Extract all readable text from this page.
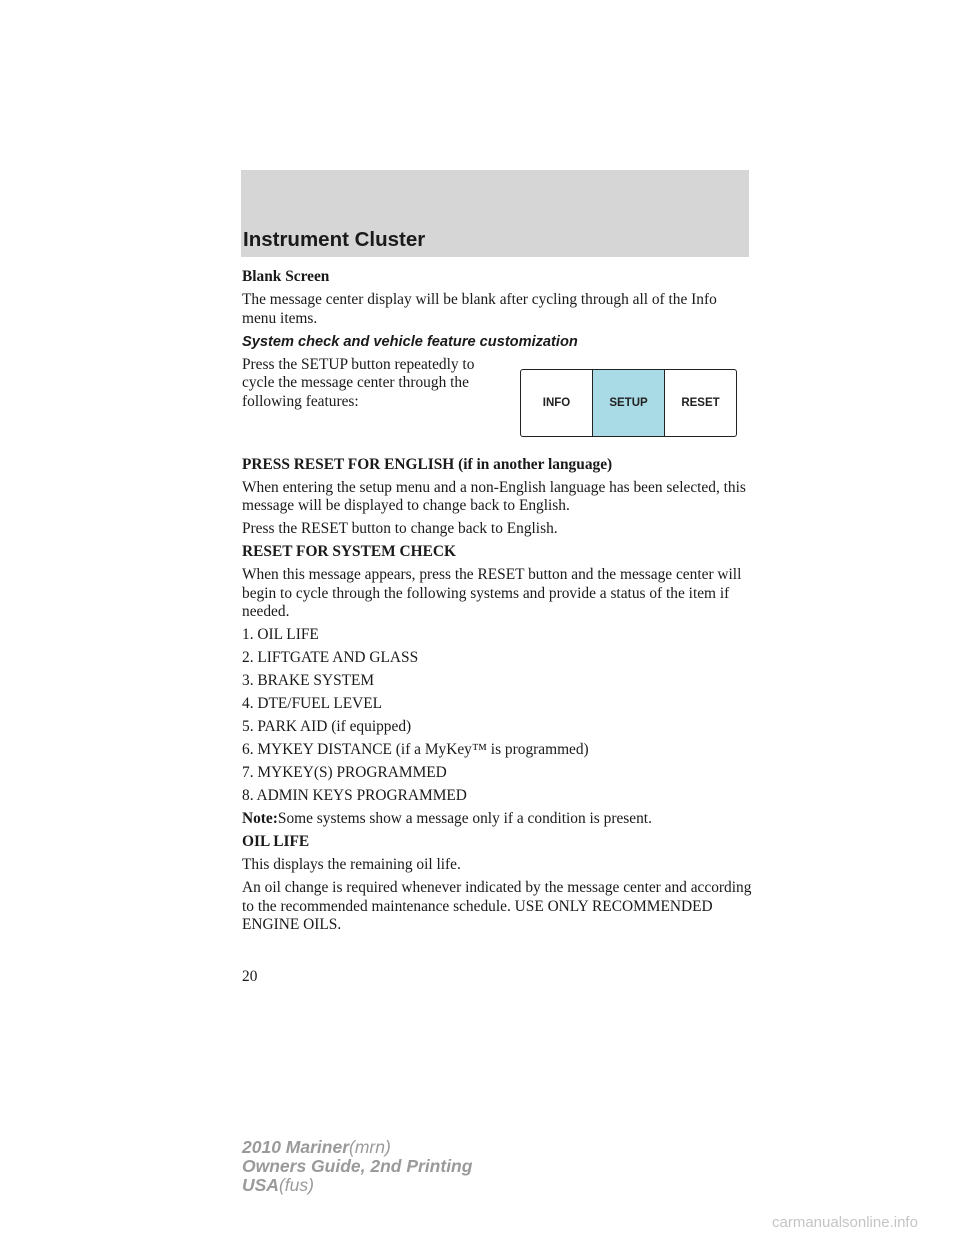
Instrument Cluster

Blank Screen

The message center display will be blank after cycling through all of the Info menu items.

System check and vehicle feature customization

Press the SETUP button repeatedly to cycle the message center through the following features:

PRESS RESET FOR ENGLISH (if in another language)

When entering the setup menu and a non-English language has been selected, this message will be displayed to change back to English.

Press the RESET button to change back to English.

RESET FOR SYSTEM CHECK

When this message appears, press the RESET button and the message center will begin to cycle through the following systems and provide a status of the item if needed.

1. OIL LIFE

2. LIFTGATE AND GLASS

3. BRAKE SYSTEM

4. DTE/FUEL LEVEL

5. PARK AID (if equipped)

6. MYKEY DISTANCE (if a MyKey™ is programmed)

7. MYKEY(S) PROGRAMMED

8. ADMIN KEYS PROGRAMMED

Note:Some systems show a message only if a condition is present.

OIL LIFE

This displays the remaining oil life.

An oil change is required whenever indicated by the message center and according to the recommended maintenance schedule. USE ONLY RECOMMENDED ENGINE OILS.

INFO	SETUP	RESET
20
2010 Mariner(mrn)
Owners Guide, 2nd Printing
USA(fus)
carmanualsonline.info
